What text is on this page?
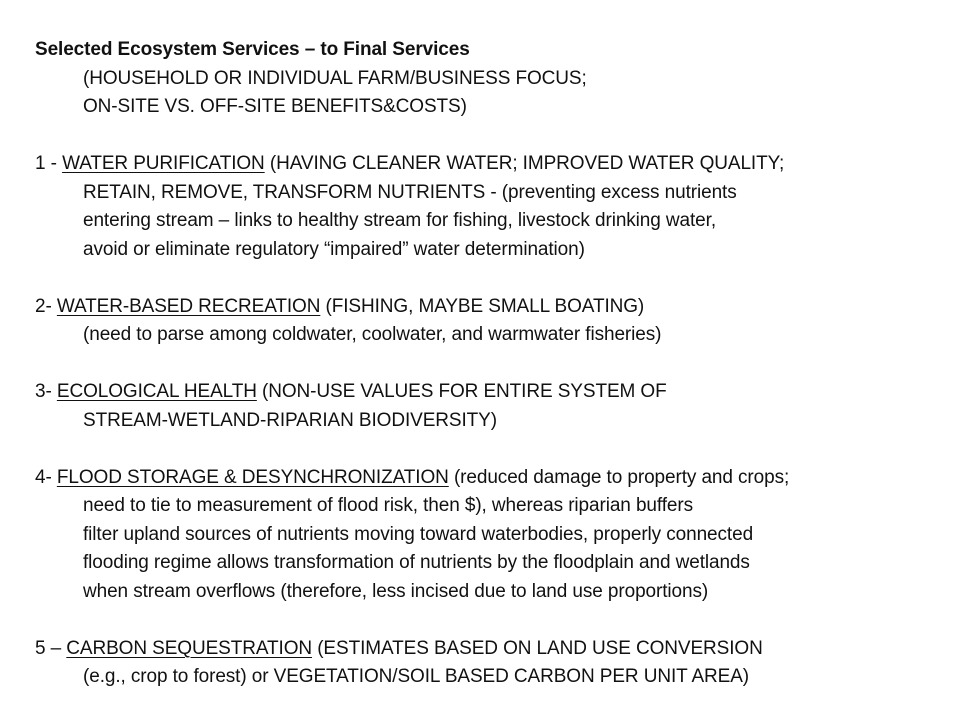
Selected Ecosystem Services – to Final Services
(HOUSEHOLD OR INDIVIDUAL FARM/BUSINESS FOCUS;
ON-SITE VS. OFF-SITE BENEFITS&COSTS)
1 - WATER PURIFICATION (HAVING CLEANER WATER; IMPROVED WATER QUALITY;
RETAIN, REMOVE, TRANSFORM NUTRIENTS - (preventing excess nutrients
entering stream – links to healthy stream for fishing, livestock drinking water,
avoid or eliminate regulatory “impaired” water determination)
2- WATER-BASED RECREATION (FISHING, MAYBE SMALL BOATING)
(need to parse among coldwater, coolwater, and warmwater fisheries)
3- ECOLOGICAL HEALTH (NON-USE VALUES FOR ENTIRE SYSTEM OF
STREAM-WETLAND-RIPARIAN BIODIVERSITY)
4- FLOOD STORAGE & DESYNCHRONIZATION (reduced damage to property and crops;
need to tie to measurement of flood risk, then $), whereas riparian buffers
filter upland sources of nutrients moving toward waterbodies, properly connected
flooding regime allows transformation of nutrients by the floodplain and wetlands
when stream overflows (therefore, less incised due to land use proportions)
5 – CARBON SEQUESTRATION (ESTIMATES BASED ON LAND USE CONVERSION
(e.g., crop to forest) or VEGETATION/SOIL BASED CARBON PER UNIT AREA)
